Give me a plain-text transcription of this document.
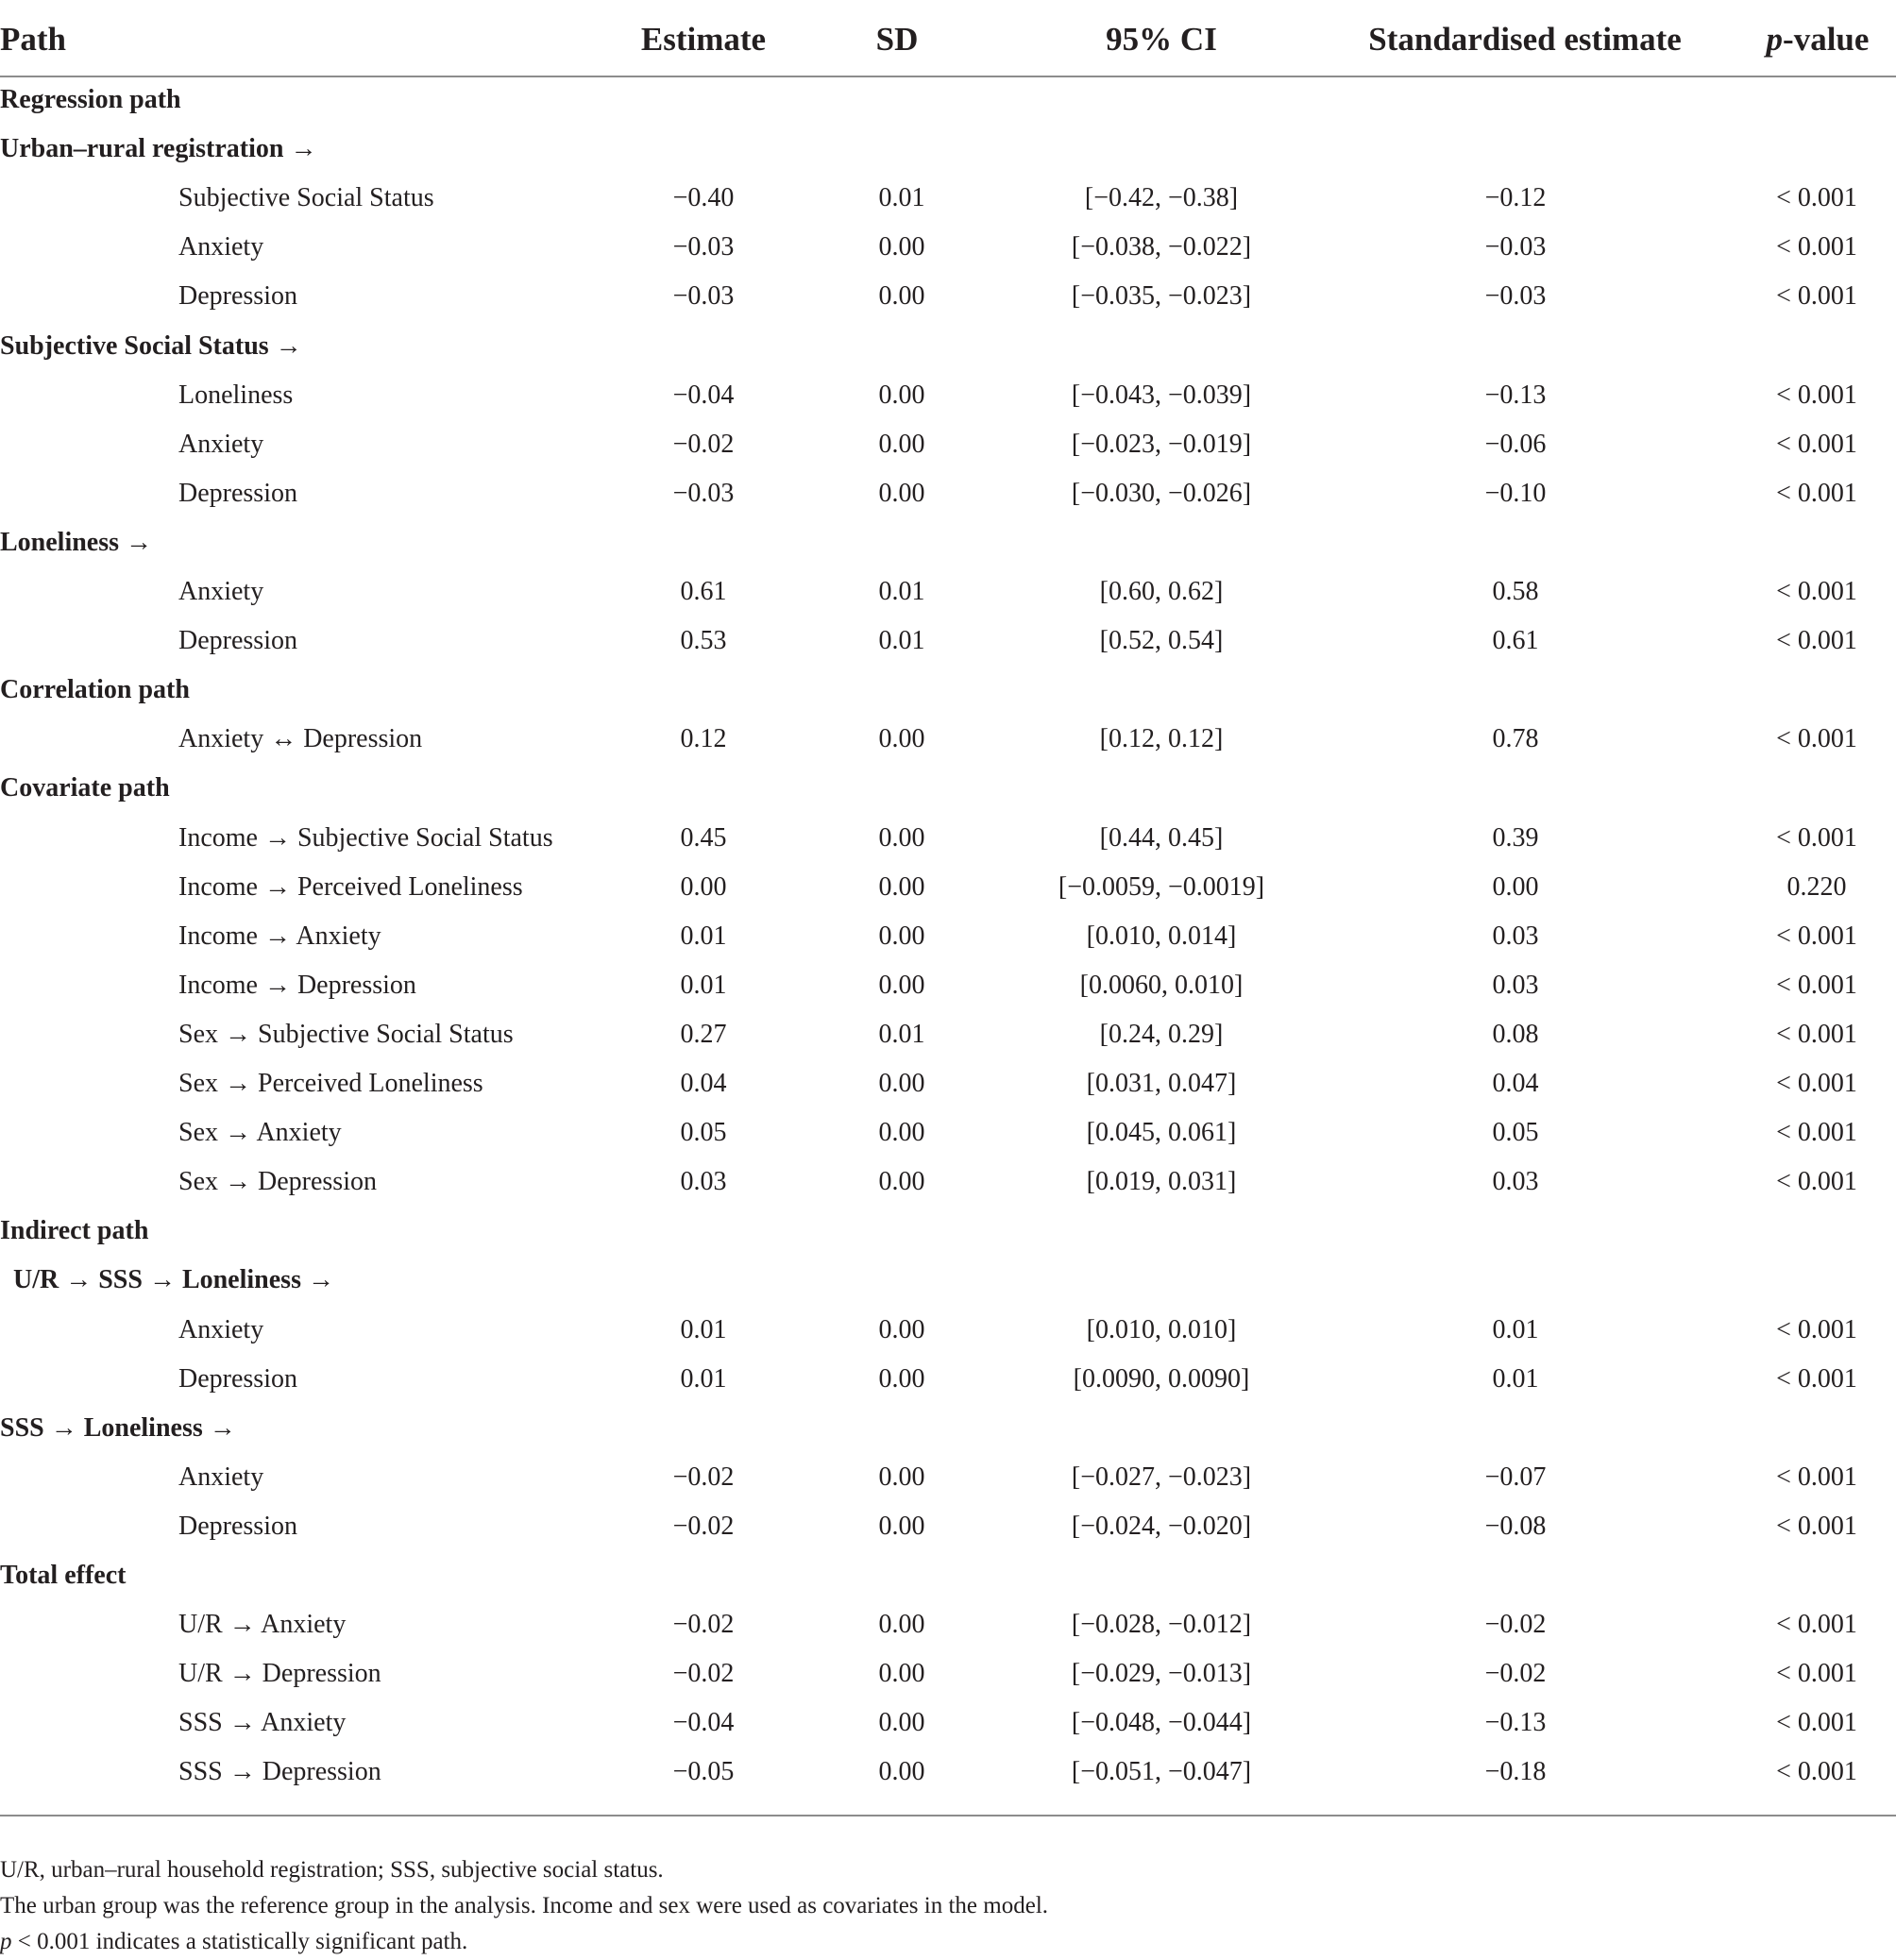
Path	Estimate	SD	95% CI	Standardised estimate	p-value
Regression path
Urban–rural registration →
Subjective Social Status	−0.40	0.01	[−0.42, −0.38]	−0.12	< 0.001
Anxiety	−0.03	0.00	[−0.038, −0.022]	−0.03	< 0.001
Depression	−0.03	0.00	[−0.035, −0.023]	−0.03	< 0.001
Subjective Social Status →
Loneliness	−0.04	0.00	[−0.043, −0.039]	−0.13	< 0.001
Anxiety	−0.02	0.00	[−0.023, −0.019]	−0.06	< 0.001
Depression	−0.03	0.00	[−0.030, −0.026]	−0.10	< 0.001
Loneliness →
Anxiety	0.61	0.01	[0.60, 0.62]	0.58	< 0.001
Depression	0.53	0.01	[0.52, 0.54]	0.61	< 0.001
Correlation path
Anxiety ↔ Depression	0.12	0.00	[0.12, 0.12]	0.78	< 0.001
Covariate path
Income → Subjective Social Status	0.45	0.00	[0.44, 0.45]	0.39	< 0.001
Income → Perceived Loneliness	0.00	0.00	[−0.0059, −0.0019]	0.00	0.220
Income → Anxiety	0.01	0.00	[0.010, 0.014]	0.03	< 0.001
Income → Depression	0.01	0.00	[0.0060, 0.010]	0.03	< 0.001
Sex → Subjective Social Status	0.27	0.01	[0.24, 0.29]	0.08	< 0.001
Sex → Perceived Loneliness	0.04	0.00	[0.031, 0.047]	0.04	< 0.001
Sex → Anxiety	0.05	0.00	[0.045, 0.061]	0.05	< 0.001
Sex → Depression	0.03	0.00	[0.019, 0.031]	0.03	< 0.001
Indirect path
U/R → SSS → Loneliness →
Anxiety	0.01	0.00	[0.010, 0.010]	0.01	< 0.001
Depression	0.01	0.00	[0.0090, 0.0090]	0.01	< 0.001
SSS → Loneliness →
Anxiety	−0.02	0.00	[−0.027, −0.023]	−0.07	< 0.001
Depression	−0.02	0.00	[−0.024, −0.020]	−0.08	< 0.001
Total effect
U/R → Anxiety	−0.02	0.00	[−0.028, −0.012]	−0.02	< 0.001
U/R → Depression	−0.02	0.00	[−0.029, −0.013]	−0.02	< 0.001
SSS → Anxiety	−0.04	0.00	[−0.048, −0.044]	−0.13	< 0.001
SSS → Depression	−0.05	0.00	[−0.051, −0.047]	−0.18	< 0.001
U/R, urban–rural household registration; SSS, subjective social status.
The urban group was the reference group in the analysis. Income and sex were used as covariates in the model.
p < 0.001 indicates a statistically significant path.
